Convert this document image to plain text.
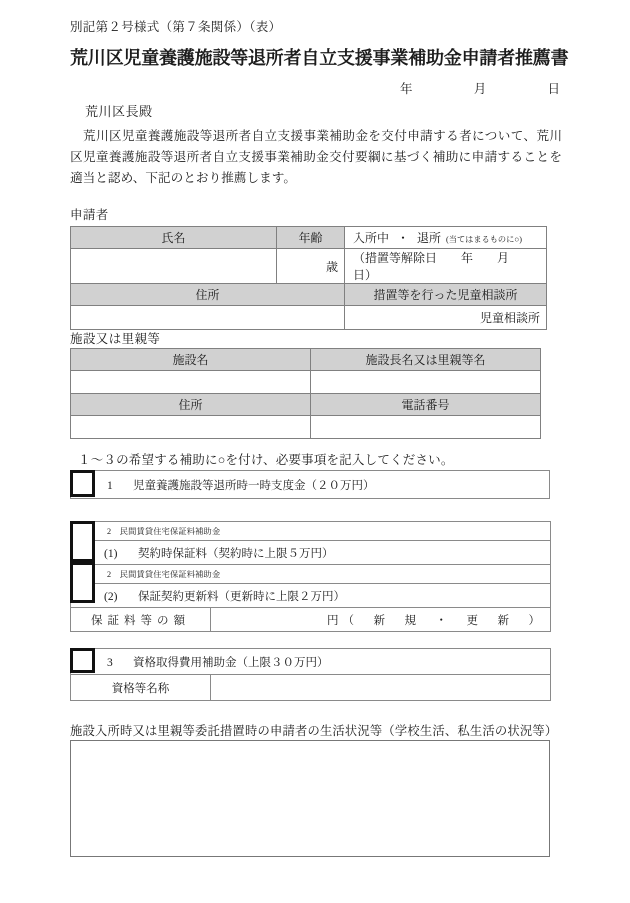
別記第２号様式（第７条関係）（表）
荒川区児童養護施設等退所者自立支援事業補助金申請者推薦書
年	月	日
荒川区長殿
荒川区児童養護施設等退所者自立支援事業補助金を交付申請する者について、荒川区児童養護施設等退所者自立支援事業補助金交付要綱に基づく補助に申請することを適当と認め、下記のとおり推薦します。
申請者
氏名	年齢	入所中 ・ 退所 (当てはまるものに○)
	歳	（措置等解除日　　年　　月　　日）
住所		措置等を行った児童相談所
		児童相談所
施設又は里親等
施設名	施設長名又は里親等名

住所	電話番号

１～３の希望する補助に○を付け、必要事項を記入してください。
1 児童養護施設等退所時一時支度金（２０万円）
2　民間賃貸住宅保証料補助金

(1) 契約時保証料（契約時に上限５万円）

2　民間賃貸住宅保証料補助金

(2) 保証契約更新料（更新時に上限２万円）

保証料等の額	円（　新　規　・　更　新　）
3 資格取得費用補助金（上限３０万円）
資格等名称	
施設入所時又は里親等委託措置時の申請者の生活状況等（学校生活、私生活の状況等）
